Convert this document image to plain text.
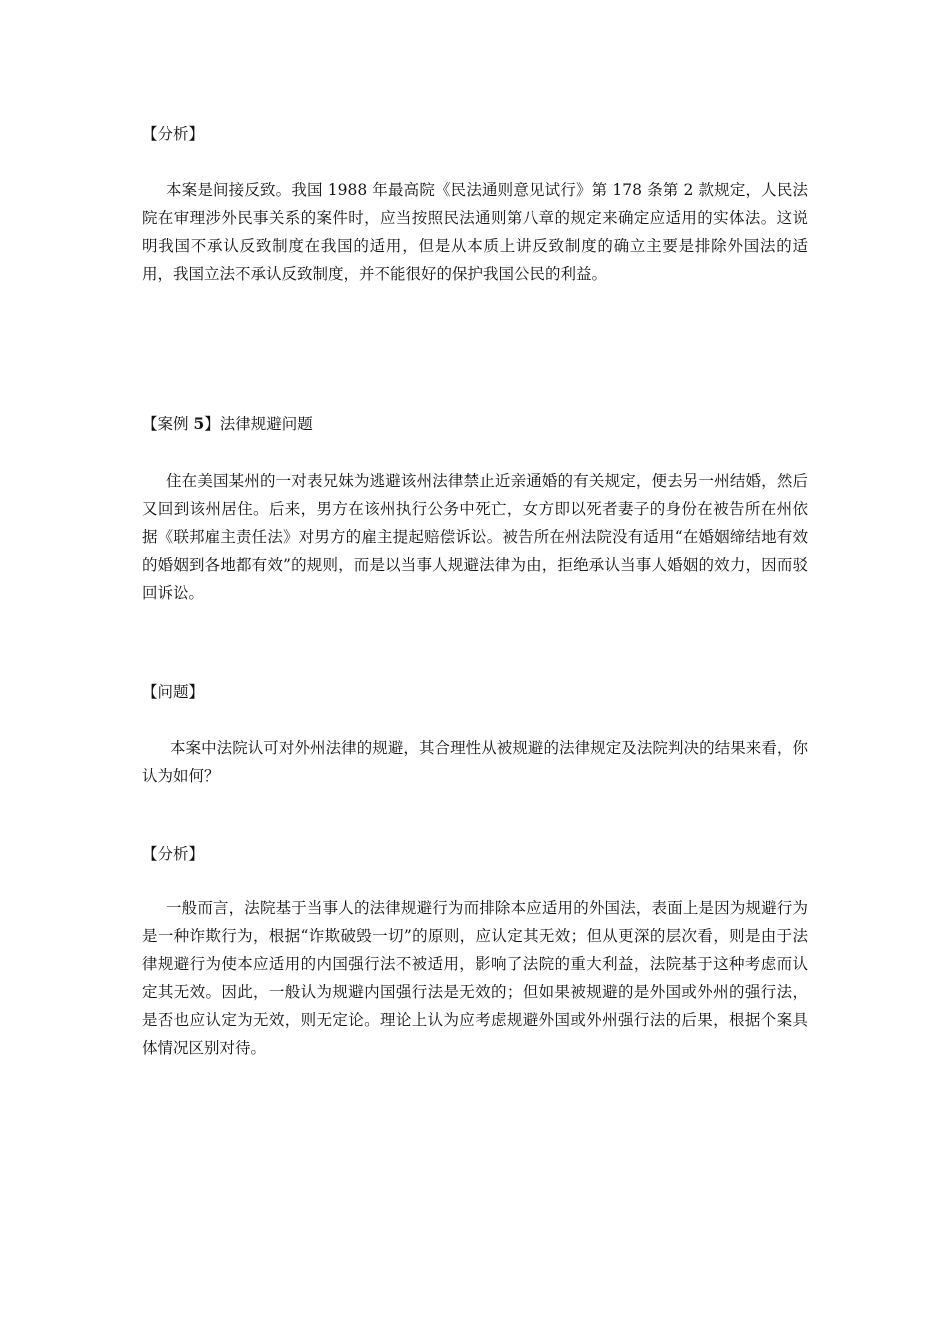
【分析】

本案是间接反致。我国 1988 年最高院《民法通则意见试行》第 178 条第 2 款规定，人民法院在审理涉外民事关系的案件时，应当按照民法通则第八章的规定来确定应适用的实体法。这说明我国不承认反致制度在我国的适用，但是从本质上讲反致制度的确立主要是排除外国法的适用，我国立法不承认反致制度，并不能很好的保护我国公民的利益。

【案例 5】法律规避问题

住在美国某州的一对表兄妹为逃避该州法律禁止近亲通婚的有关规定，便去另一州结婚，然后又回到该州居住。后来，男方在该州执行公务中死亡，女方即以死者妻子的身份在被告所在州依据《联邦雇主责任法》对男方的雇主提起赔偿诉讼。被告所在州法院没有适用“在婚姻缔结地有效的婚姻到各地都有效”的规则，而是以当事人规避法律为由，拒绝承认当事人婚姻的效力，因而驳回诉讼。

【问题】

本案中法院认可对外州法律的规避，其合理性从被规避的法律规定及法院判决的结果来看，你认为如何？

【分析】

一般而言，法院基于当事人的法律规避行为而排除本应适用的外国法，表面上是因为规避行为是一种诈欺行为，根据“诈欺破毁一切”的原则，应认定其无效；但从更深的层次看，则是由于法律规避行为使本应适用的内国强行法不被适用，影响了法院的重大利益，法院基于这种考虑而认定其无效。因此，一般认为规避内国强行法是无效的；但如果被规避的是外国或外州的强行法，是否也应认定为无效，则无定论。理论上认为应考虑规避外国或外州强行法的后果，根据个案具体情况区别对待。
